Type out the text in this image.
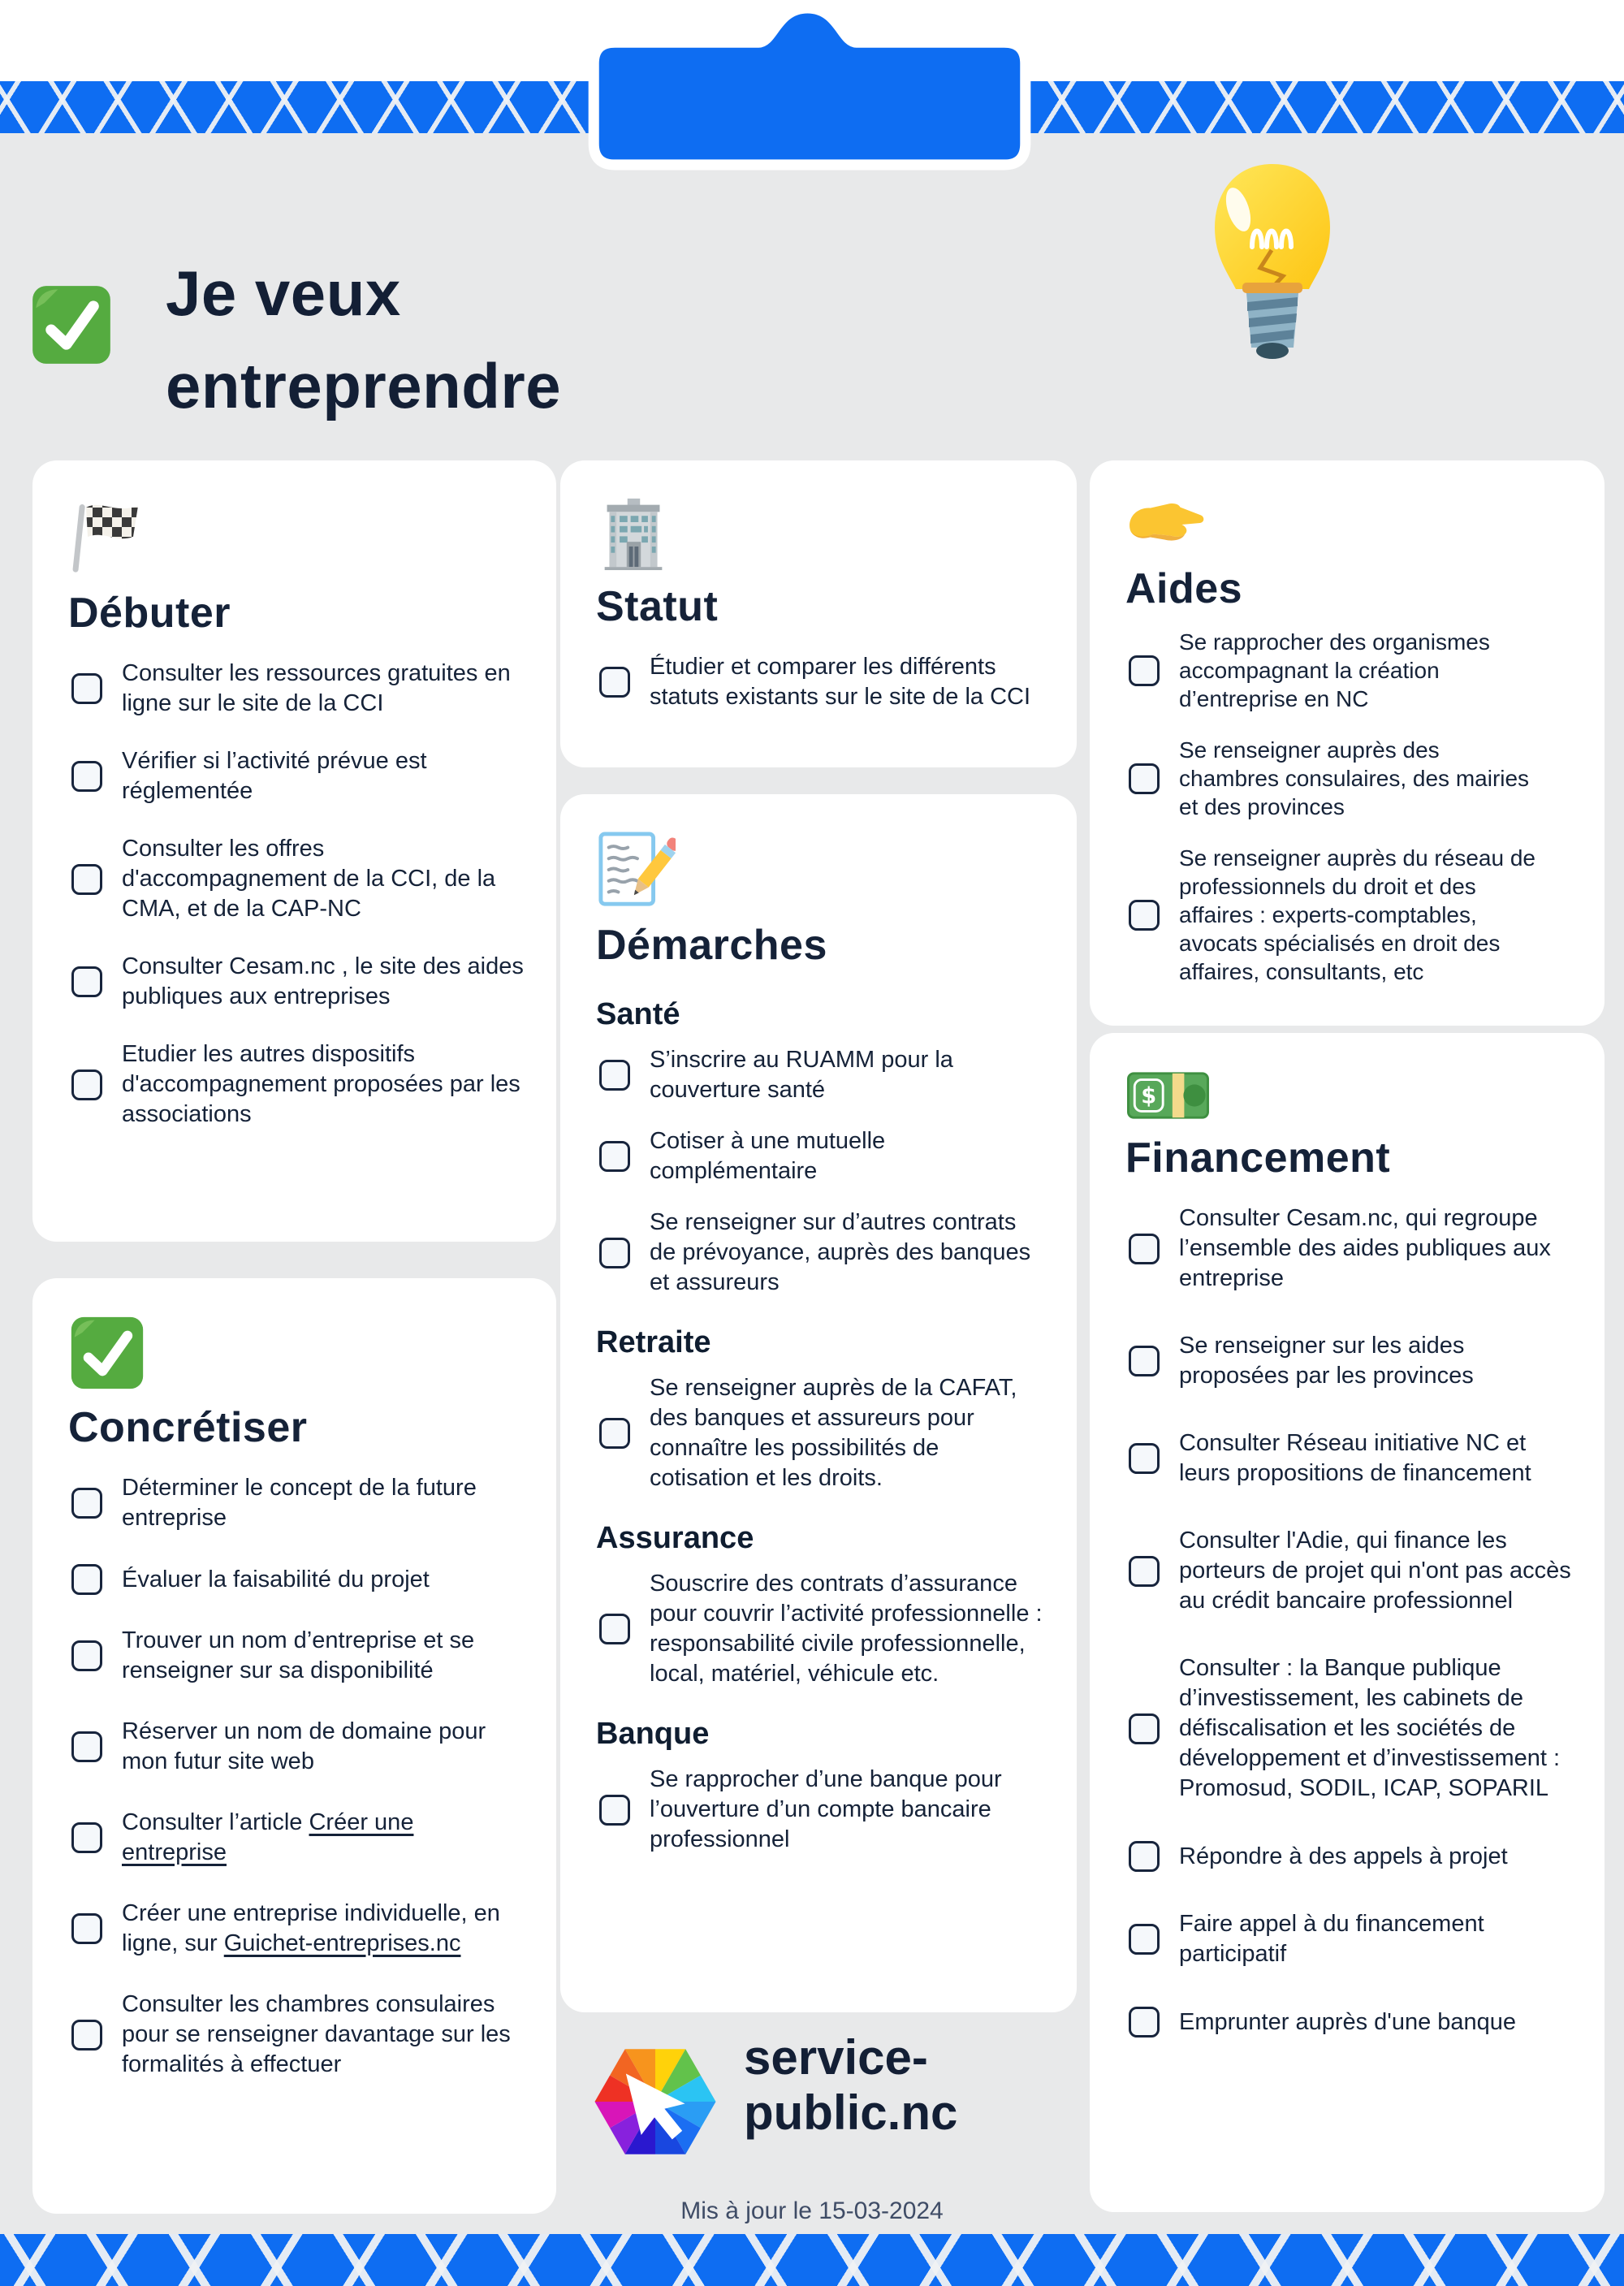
Je veux
entreprendre
Débuter

Consulter les ressources gratuites en ligne sur le site de la CCI

Vérifier si l’activité prévue est réglementée

Consulter les offres d'accompagnement de la CCI, de la CMA, et de la CAP-NC

Consulter Cesam.nc , le site des aides publiques aux entreprises

Etudier les autres dispositifs d'accompagnement proposées par les associations

Concrétiser

Déterminer le concept de la future entreprise

Évaluer la faisabilité du projet

Trouver un nom d’entreprise et se renseigner sur sa disponibilité

Réserver un nom de domaine pour mon futur site web

Consulter l’article Créer une entreprise

Créer une entreprise individuelle, en ligne, sur Guichet-entreprises.nc

Consulter les chambres consulaires pour se renseigner davantage sur les formalités à effectuer

Statut

Étudier et comparer les différents statuts existants sur le site de la CCI

Démarches
Santé

S’inscrire au RUAMM pour la couverture santé

Cotiser à une mutuelle complémentaire

Se renseigner sur d’autres contrats de prévoyance, auprès des banques et assureurs

Retraite

Se renseigner auprès de la CAFAT, des banques et assureurs pour connaître les possibilités de cotisation et les droits.

Assurance

Souscrire des contrats d’assurance pour couvrir l’activité professionnelle : responsabilité civile professionnelle, local, matériel, véhicule etc.

Banque

Se rapprocher d’une banque pour l’ouverture d’un compte bancaire professionnel

Aides

Se rapprocher des organismes accompagnant la création d’entreprise en NC

Se renseigner auprès des chambres consulaires, des mairies et des provinces

Se renseigner auprès du réseau de professionnels du droit et des affaires : experts-comptables, avocats spécialisés en droit des affaires, consultants, etc

$
Financement

Consulter Cesam.nc, qui regroupe l’ensemble des aides publiques aux entreprise

Se renseigner sur les aides proposées par les provinces

Consulter Réseau initiative NC et leurs propositions de financement

Consulter l'Adie, qui finance les porteurs de projet qui n'ont pas accès au crédit bancaire professionnel

Consulter : la Banque publique d’investissement, les cabinets de défiscalisation et les sociétés de développement et d’investissement : Promosud, SODIL, ICAP, SOPARIL

Répondre à des appels à projet

Faire appel à du financement participatif

Emprunter auprès d'une banque

service-
public.nc
Mis à jour le 15-03-2024
